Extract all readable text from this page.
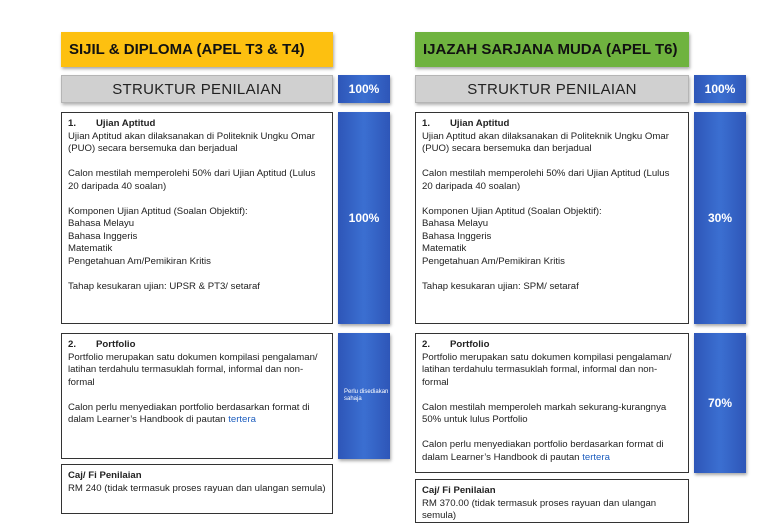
SIJIL & DIPLOMA (APEL T3 & T4)
STRUKTUR PENILAIAN	100%
1. Ujian Aptitud
Ujian Aptitud akan dilaksanakan di Politeknik Ungku Omar (PUO) secara bersemuka dan berjadual
Calon mestilah memperolehi 50% dari Ujian Aptitud (Lulus 20 daripada 40 soalan)
Komponen Ujian Aptitud (Soalan Objektif):
Bahasa Melayu
Bahasa Inggeris
Matematik
Pengetahuan Am/Pemikiran Kritis
Tahap kesukaran ujian: UPSR & PT3/ setaraf
100%
2. Portfolio
Portfolio merupakan satu dokumen kompilasi pengalaman/ latihan terdahulu termasuklah formal, informal dan non-formal
Calon perlu menyediakan portfolio berdasarkan format di dalam Learner’s Handbook di pautan tertera
Perlu disediakan sahaja
Caj/ Fi Penilaian
RM 240 (tidak termasuk proses rayuan dan ulangan semula)
IJAZAH SARJANA MUDA (APEL T6)
STRUKTUR PENILAIAN	100%
1. Ujian Aptitud
Ujian Aptitud akan dilaksanakan di Politeknik Ungku Omar (PUO) secara bersemuka dan berjadual
Calon mestilah memperolehi 50% dari Ujian Aptitud (Lulus 20 daripada 40 soalan)
Komponen Ujian Aptitud (Soalan Objektif):
Bahasa Melayu
Bahasa Inggeris
Matematik
Pengetahuan Am/Pemikiran Kritis
Tahap kesukaran ujian: SPM/ setaraf
30%
2. Portfolio
Portfolio merupakan satu dokumen kompilasi pengalaman/ latihan terdahulu termasuklah formal, informal dan non-formal
Calon mestilah memperoleh markah sekurang-kurangnya 50% untuk lulus Portfolio
Calon perlu menyediakan portfolio berdasarkan format di dalam Learner’s Handbook di pautan tertera
70%
Caj/ Fi Penilaian
RM 370.00 (tidak termasuk proses rayuan dan ulangan semula)
